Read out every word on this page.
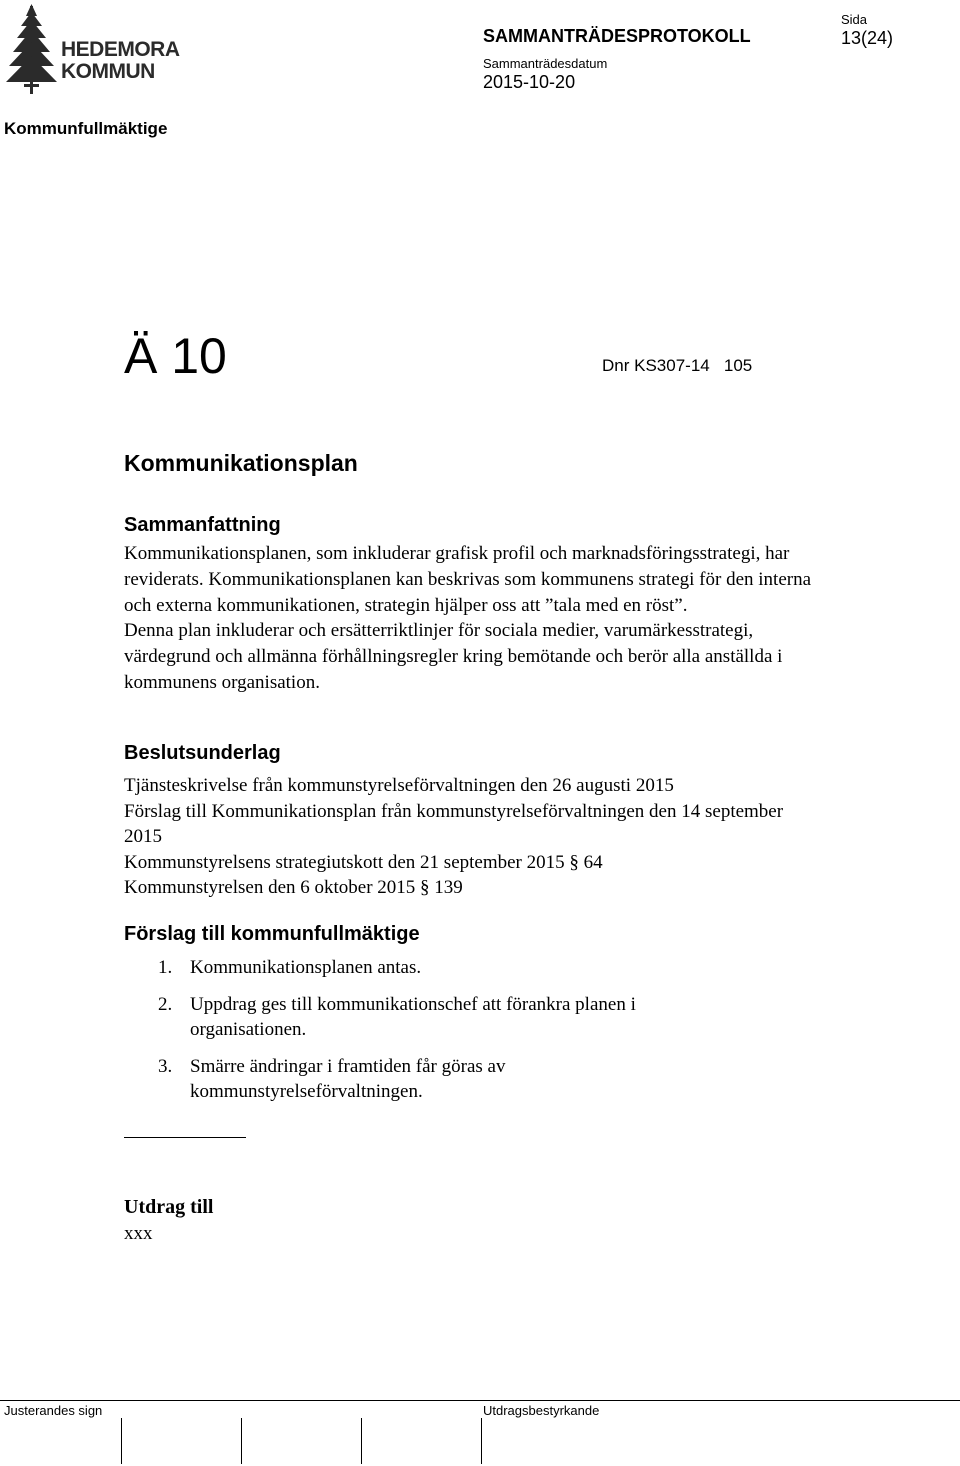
HEDEMORA
KOMMUN
SAMMANTRÄDESPROTOKOLL
Sammanträdesdatum
2015-10-20
Sida
13(24)
Kommunfullmäktige
Ä 10	Dnr KS307-14   105
Kommunikationsplan
Sammanfattning

Kommunikationsplanen, som inkluderar grafisk profil och marknadsföringsstrategi, har reviderats. Kommunikationsplanen kan beskrivas som kommunens strategi för den interna och externa kommunikationen, strategin hjälper oss att ”tala med en röst”.

Denna plan inkluderar och ersätterriktlinjer för sociala medier, varumärkesstrategi, värdegrund och allmänna förhållningsregler kring bemötande och berör alla anställda i kommunens organisation.

Beslutsunderlag
Tjänsteskrivelse från kommunstyrelseförvaltningen den 26 augusti 2015
Förslag till Kommunikationsplan från kommunstyrelseförvaltningen den 14 september 2015
Kommunstyrelsens strategiutskott den 21 september 2015 § 64
Kommunstyrelsen den 6 oktober 2015 § 139
Förslag till kommunfullmäktige
1. Kommunikationsplanen antas.
2. Uppdrag ges till kommunikationschef att förankra planen i organisationen.
3. Smärre ändringar i framtiden får göras av kommunstyrelseförvaltningen.
Utdrag till
xxx
Justerandes sign	Utdragsbestyrkande
